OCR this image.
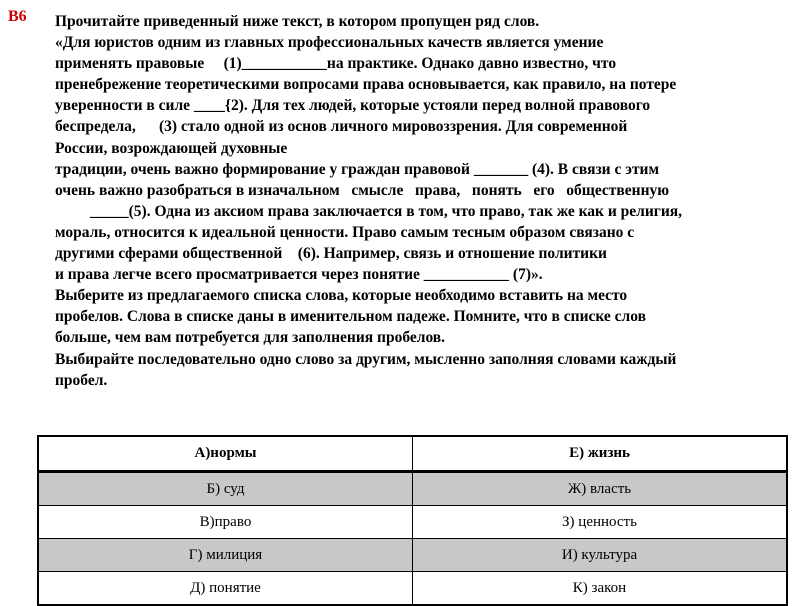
В6 Прочитайте приведенный ниже текст, в котором пропущен ряд слов.
«Для юристов одним из главных профессиональных качеств является умение
применять правовые     (1)___________на практике. Однако давно известно, что
пренебрежение теоретическими вопросами права основывается, как правило, на потере
уверенности в силе ____{2). Для тех людей, которые устояли перед волной правового
беспредела,      (3) стало одной из основ личного мировоззрения. Для современной
России, возрождающей духовные
традиции, очень важно формирование у граждан правовой _______ (4). В связи с этим
очень важно разобраться в изначальном   смысле   права,   понять   его   общественную
_____(5). Одна из аксиом права заключается в том, что право, так же как и религия,
мораль, относится к идеальной ценности. Право самым тесным образом связано с
другими сферами общественной    (6). Например, связь и отношение политики
и права легче всего просматривается через понятие ___________ (7)».
Выберите из предлагаемого списка слова, которые необходимо вставить на место
пробелов. Слова в списке даны в именительном падеже. Помните, что в списке слов
больше, чем вам потребуется для заполнения пробелов.
Выбирайте последовательно одно слово за другим, мысленно заполняя словами каждый
пробел.
А)нормы	Е) жизнь
Б) суд	Ж) власть
В)право	З) ценность
Г) милиция	И) культура
Д) понятие	К) закон
